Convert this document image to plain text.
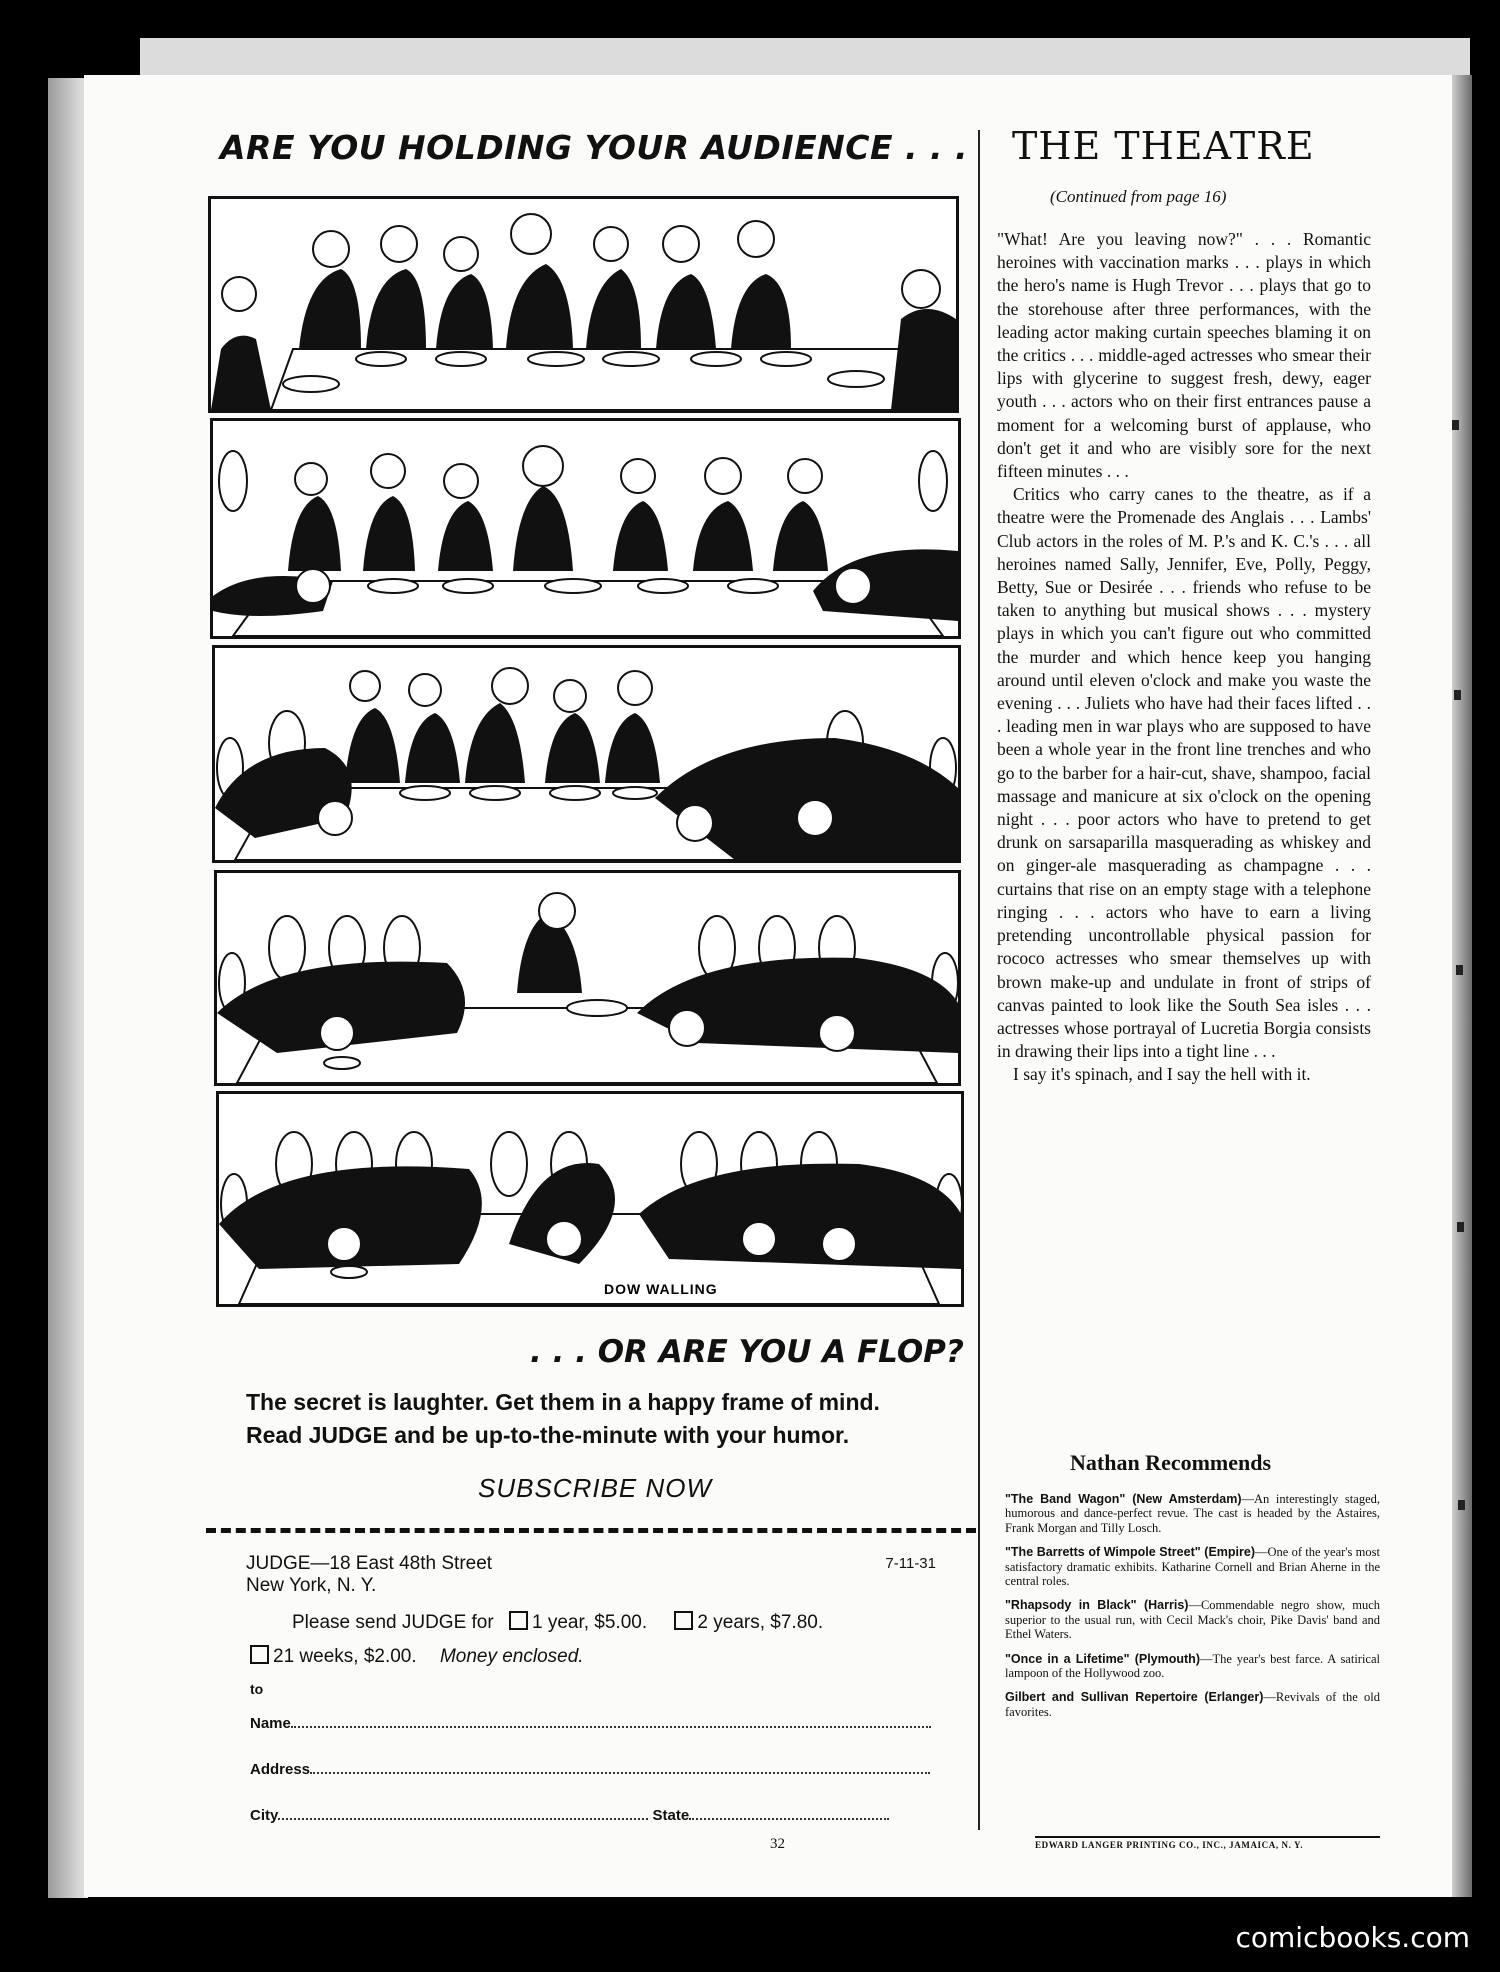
ARE YOU HOLDING YOUR AUDIENCE . . .
DOW WALLING
. . . OR ARE YOU A FLOP?

The secret is laughter. Get them in a happy frame of mind.

Read JUDGE and be up-to-the-minute with your humor.

SUBSCRIBE NOW
JUDGE—18 East 48th Street
New York, N. Y.
7-11-31
Please send JUDGE for 1 year, $5.00.	2 years, $7.80.
21 weeks, $2.00. Money enclosed.
to
Name
Address
City	State
32
THE THEATRE
(Continued from page 16)

"What! Are you leaving now?" . . . Romantic heroines with vaccination marks . . . plays in which the hero's name is Hugh Trevor . . . plays that go to the storehouse after three performances, with the leading actor making curtain speeches blaming it on the critics . . . middle-aged actresses who smear their lips with glycerine to suggest fresh, dewy, eager youth . . . actors who on their first entrances pause a moment for a welcoming burst of applause, who don't get it and who are visibly sore for the next fifteen minutes . . .

Critics who carry canes to the theatre, as if a theatre were the Promenade des Anglais . . . Lambs' Club actors in the roles of M. P.'s and K. C.'s . . . all heroines named Sally, Jennifer, Eve, Polly, Peggy, Betty, Sue or Desirée . . . friends who refuse to be taken to anything but musical shows . . . mystery plays in which you can't figure out who committed the murder and which hence keep you hanging around until eleven o'clock and make you waste the evening . . . Juliets who have had their faces lifted . . . leading men in war plays who are supposed to have been a whole year in the front line trenches and who go to the barber for a hair-cut, shave, shampoo, facial massage and manicure at six o'clock on the opening night . . . poor actors who have to pretend to get drunk on sarsaparilla masquerading as whiskey and on ginger-ale masquerading as champagne . . . curtains that rise on an empty stage with a telephone ringing . . . actors who have to earn a living pretending uncontrollable physical passion for rococo actresses who smear themselves up with brown make-up and undulate in front of strips of canvas painted to look like the South Sea isles . . . actresses whose portrayal of Lucretia Borgia consists in drawing their lips into a tight line . . .

I say it's spinach, and I say the hell with it.

Nathan Recommends

"The Band Wagon" (New Amsterdam)—An interestingly staged, humorous and dance-perfect revue. The cast is headed by the Astaires, Frank Morgan and Tilly Losch.

"The Barretts of Wimpole Street" (Empire)—One of the year's most satisfactory dramatic exhibits. Katharine Cornell and Brian Aherne in the central roles.

"Rhapsody in Black" (Harris)—Commendable negro show, much superior to the usual run, with Cecil Mack's choir, Pike Davis' band and Ethel Waters.

"Once in a Lifetime" (Plymouth)—The year's best farce. A satirical lampoon of the Hollywood zoo.

Gilbert and Sullivan Repertoire (Erlanger)—Revivals of the old favorites.

EDWARD LANGER PRINTING CO., INC., JAMAICA, N. Y.
comicbooks.com
